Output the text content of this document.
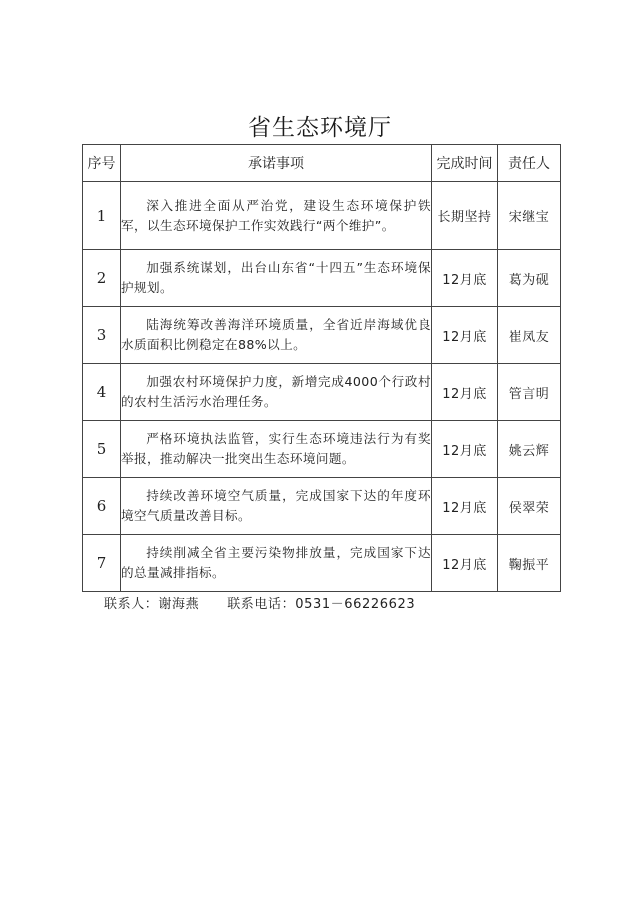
省生态环境厅
序号	承诺事项	完成时间	责任人
1	深入推进全面从严治党，建设生态环境保护铁军，以生态环境保护工作实效践行“两个维护”。	长期坚持	宋继宝
2	加强系统谋划，出台山东省“十四五”生态环境保护规划。	12月底	葛为砚
3	陆海统筹改善海洋环境质量，全省近岸海域优良水质面积比例稳定在88%以上。	12月底	崔凤友
4	加强农村环境保护力度，新增完成4000个行政村的农村生活污水治理任务。	12月底	管言明
5	严格环境执法监管，实行生态环境违法行为有奖举报，推动解决一批突出生态环境问题。	12月底	姚云辉
6	持续改善环境空气质量，完成国家下达的年度环境空气质量改善目标。	12月底	侯翠荣
7	持续削减全省主要污染物排放量，完成国家下达的总量减排指标。	12月底	鞠振平
联系人：谢海燕 联系电话：0531－66226623
